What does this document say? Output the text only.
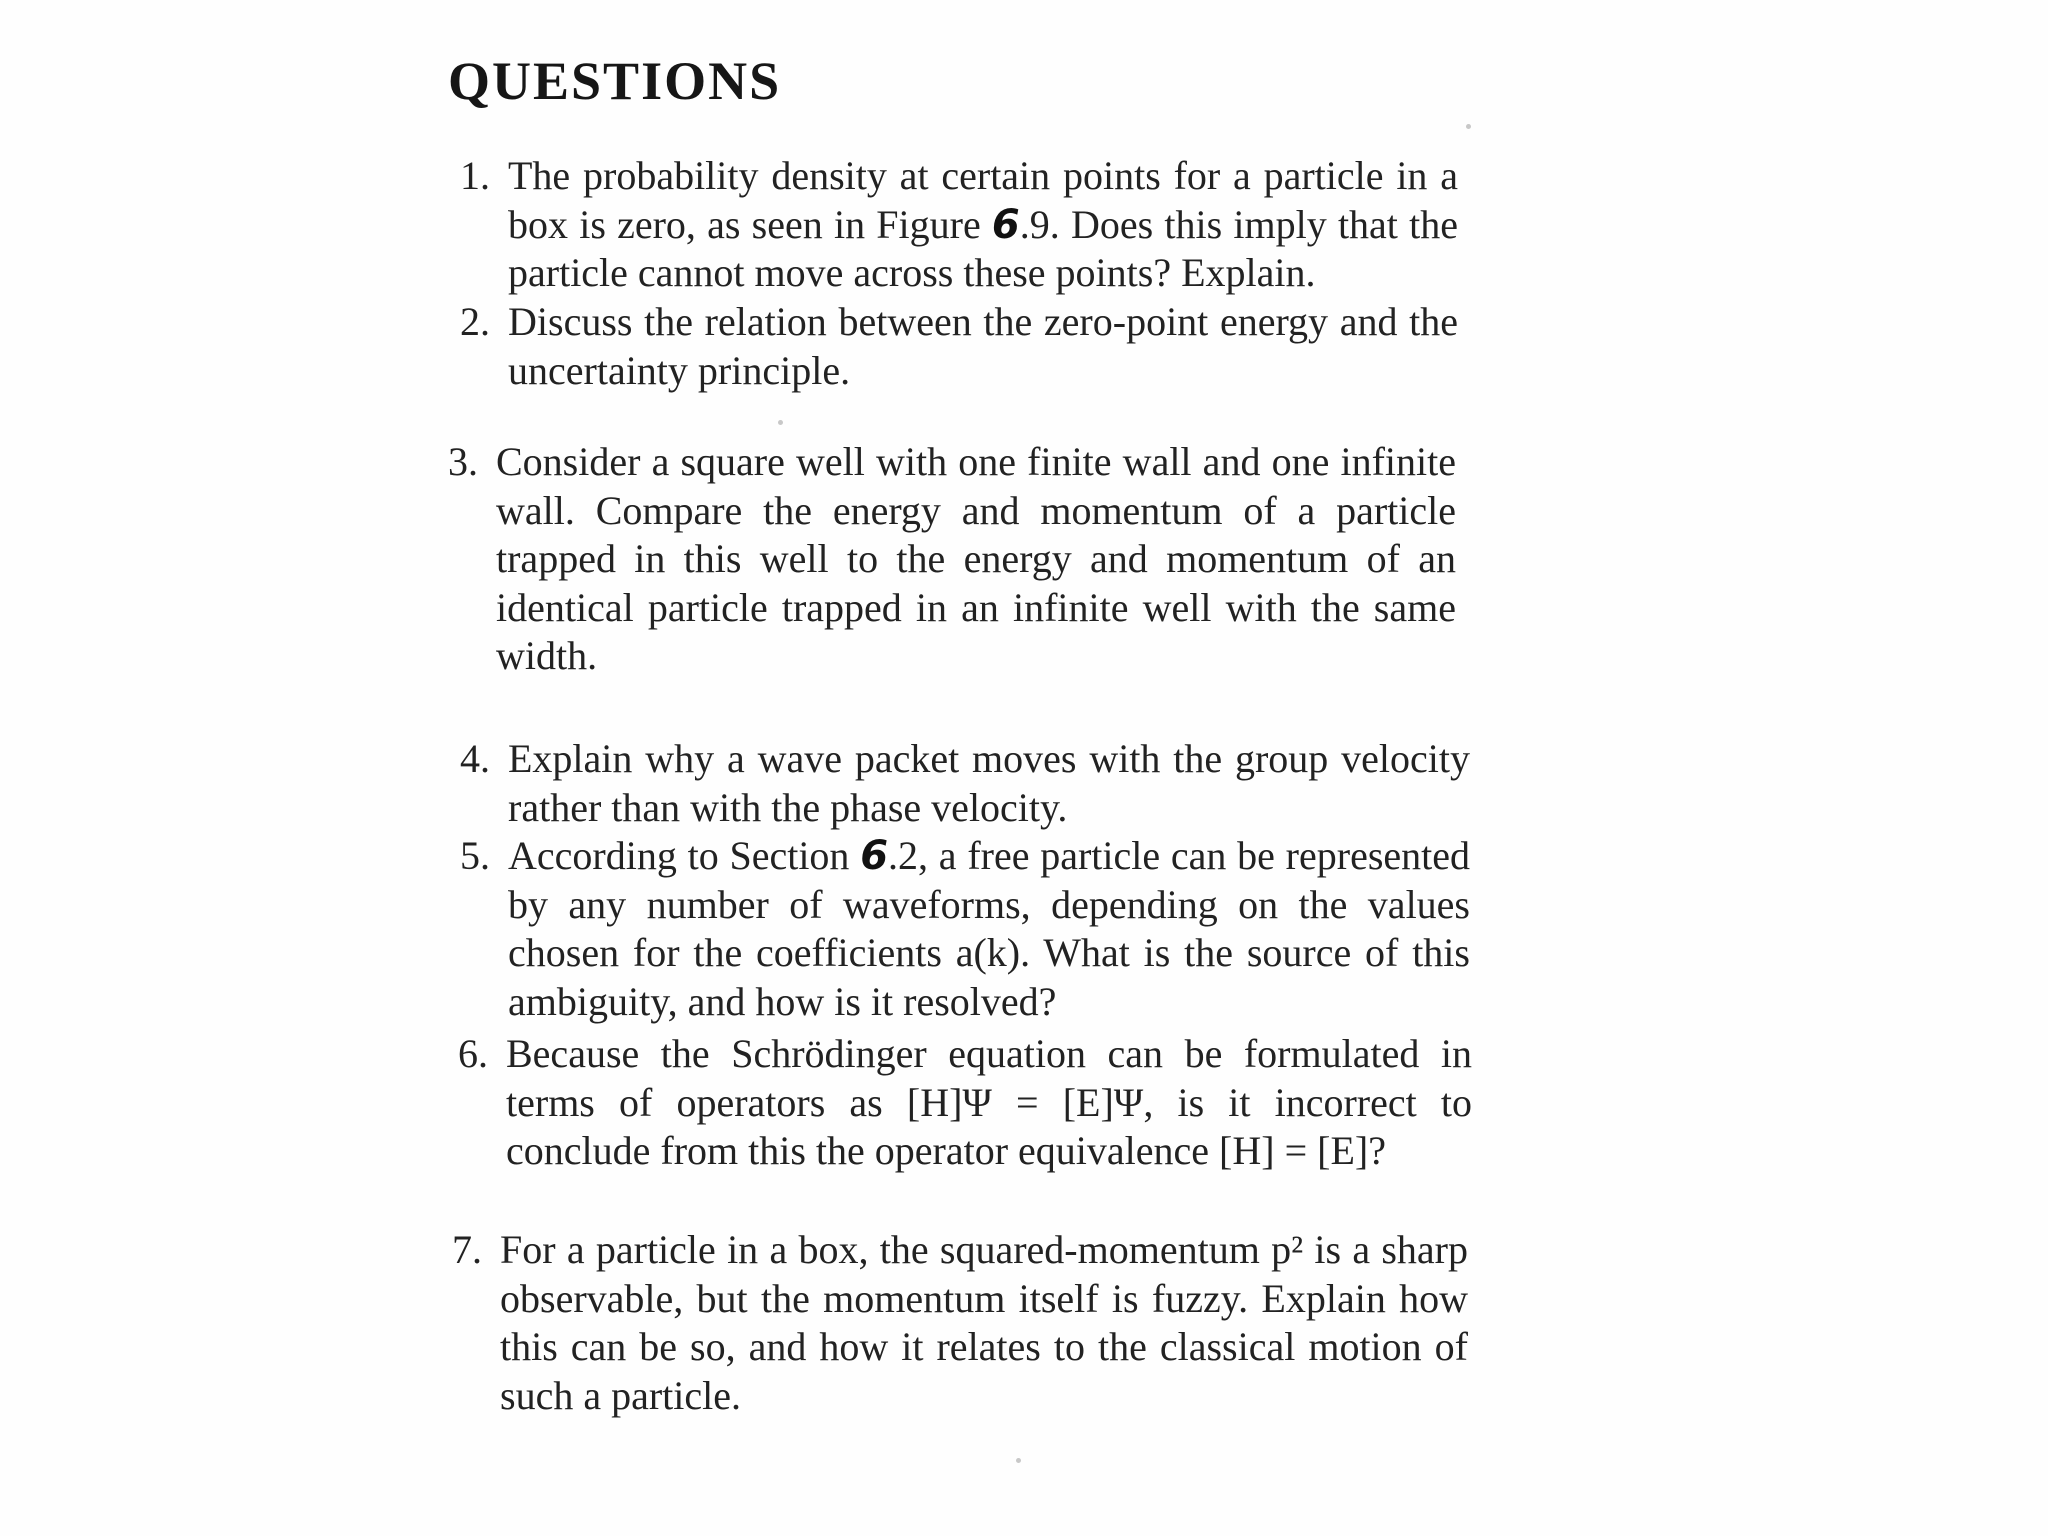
QUESTIONS
1. The probability density at certain points for a particle in a box is zero, as seen in Figure 6.9. Does this imply that the particle cannot move across these points? Explain.
2. Discuss the relation between the zero-point energy and the uncertainty principle.
3. Consider a square well with one finite wall and one infinite wall. Compare the energy and momentum of a particle trapped in this well to the energy and momentum of an identical particle trapped in an infinite well with the same width.
4. Explain why a wave packet moves with the group velocity rather than with the phase velocity.
5. According to Section 6.2, a free particle can be represented by any number of waveforms, depending on the values chosen for the coefficients a(k). What is the source of this ambiguity, and how is it resolved?
6. Because the Schrödinger equation can be formulated in terms of operators as [H]Ψ = [E]Ψ, is it incorrect to conclude from this the operator equivalence [H] = [E]?
7. For a particle in a box, the squared-momentum p² is a sharp observable, but the momentum itself is fuzzy. Explain how this can be so, and how it relates to the classical motion of such a particle.
